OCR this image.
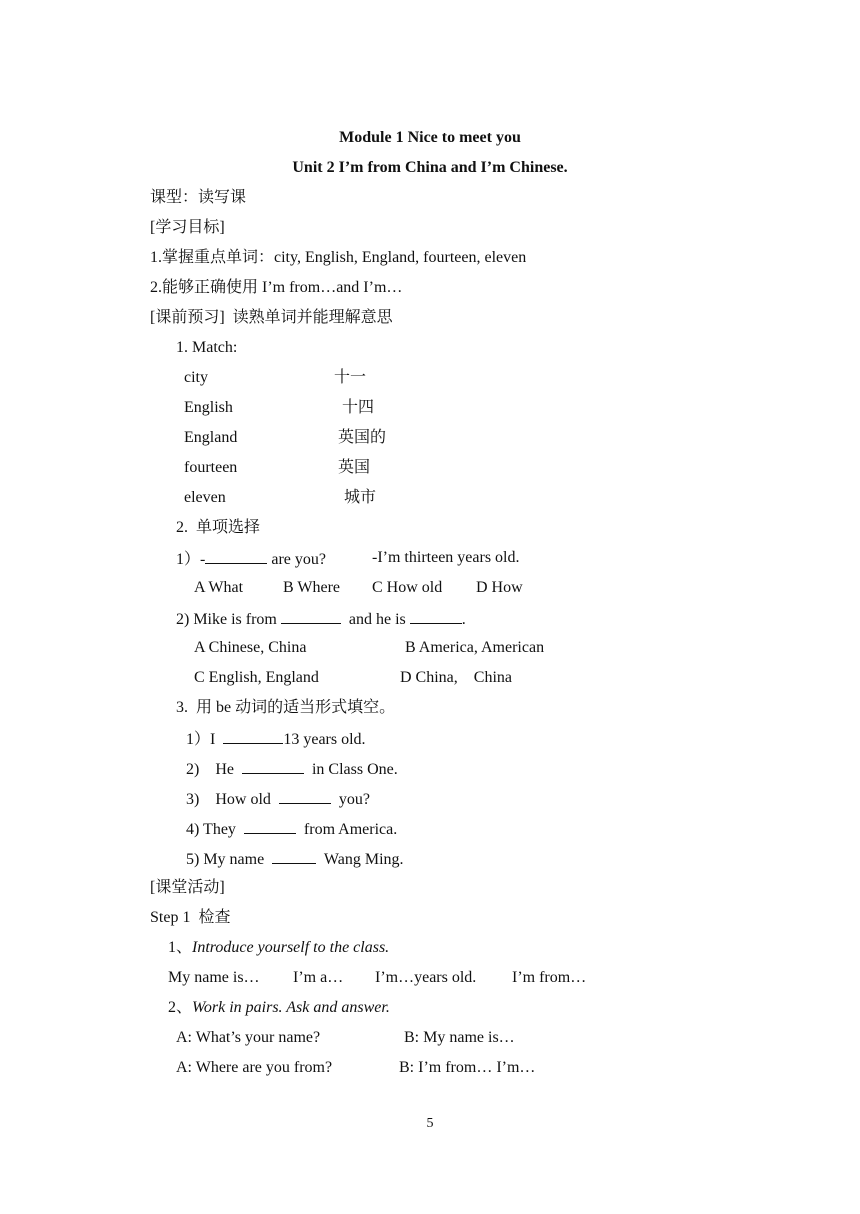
Module 1 Nice to meet you
Unit 2 I’m from China and I’m Chinese.
课型：读写课
[学习目标]
1.掌握重点单词：city, English, England, fourteen, eleven
2.能够正确使用 I’m from…and I’m…
[课前预习]  读熟单词并能理解意思
1. Match:
city	十一
English	十四
England	英国的
fourteen	英国
eleven	城市
2.  单项选择
1）-	are you?	-I’m thirteen years old.
A What B Where C How old D How
2) Mike is from	and he is	.
A Chinese, China	B America, American
C English, England	D China,    China
3.  用 be 动词的适当形式填空。
1）I	13 years old.
2)    He	in Class One.
3)    How old	you?
4) They	from America.
5) My name	Wang Ming.
[课堂活动]
Step 1  检查
1、Introduce yourself to the class.
My name is… I’m a… I’m…years old. I’m from…
2、Work in pairs. Ask and answer.
A: What’s your name?	B: My name is…
A: Where are you from?	B: I’m from… I’m…
5
